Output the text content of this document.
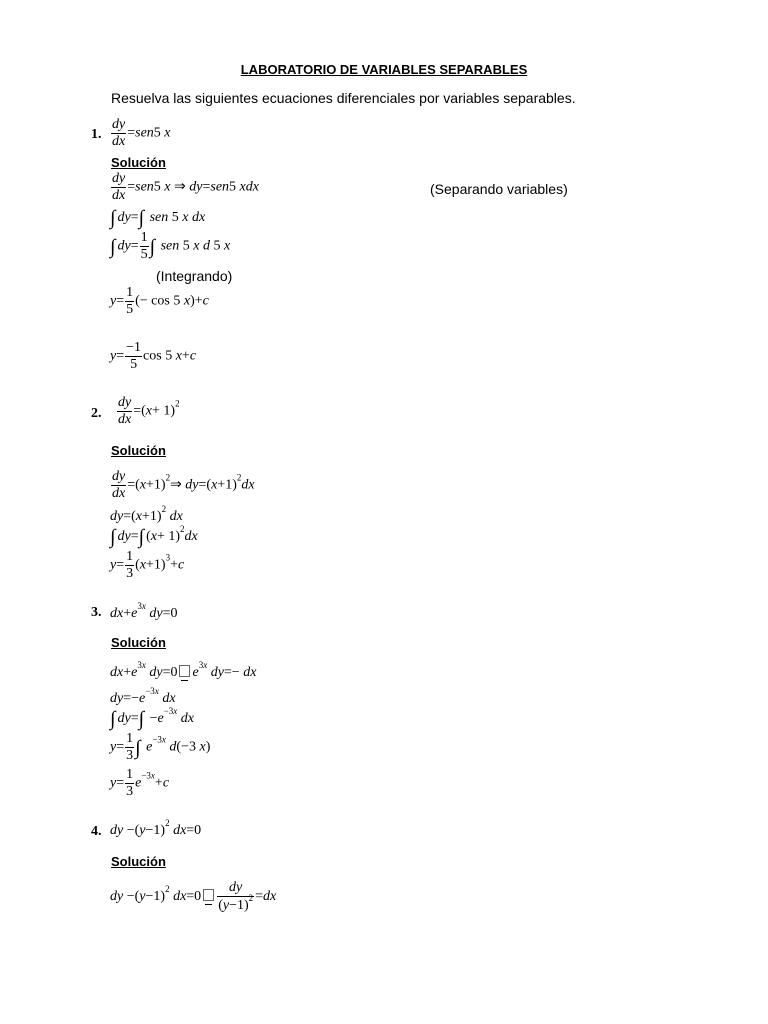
LABORATORIO DE VARIABLES SEPARABLES
Resuelva las siguientes ecuaciones diferenciales por variables separables.
1. $\frac{dy}{dx} =sen5$ x
Solución
$\frac{dy}{dx} =sen5$ x ⇒ dy=sen5 xdx	(Separando variables)
∫ dy=∫ sen 5 x dx
∫ $dy= \frac{1}{5}$ ∫ sen 5 x d 5 x
(Integrando)
$y= \frac{1}{5}$ (− cos 5 x)+c
$y= \frac{-1}{5}$ cos 5 x+c
2. $\frac{dy}{dx} =(x+ 1)^2$
Solución
$\frac{dy}{dx}$ $=(x+1)^2\Rightarrow$ $dy=(x+1)^2dx$
$dy=(x+1)^2$ dx
∫ dy=∫ $(x+ 1)^2dx$
$y= \frac{1}{3} (x+1)^3+c$
3. $dx+e^{3x}$ dy=0
Solución
$dx+e^{3x}$ dy=0 $e^{3x}$ dy=− dx
$dy=-e^{-3x}$ dx
∫ $dy=\int -e^{-3x}$ dx
$y= \frac{1}{3}$ ∫ $e^{-3x}$ d(−3 x)
$y= \frac{1}{3} e^{-3x}+c$
4. dy $-(y-1)^2$ dx=0
Solución
dy $-(y-1)^2$ $dx=0 \frac{dy}{(y-1)^2} =dx$
